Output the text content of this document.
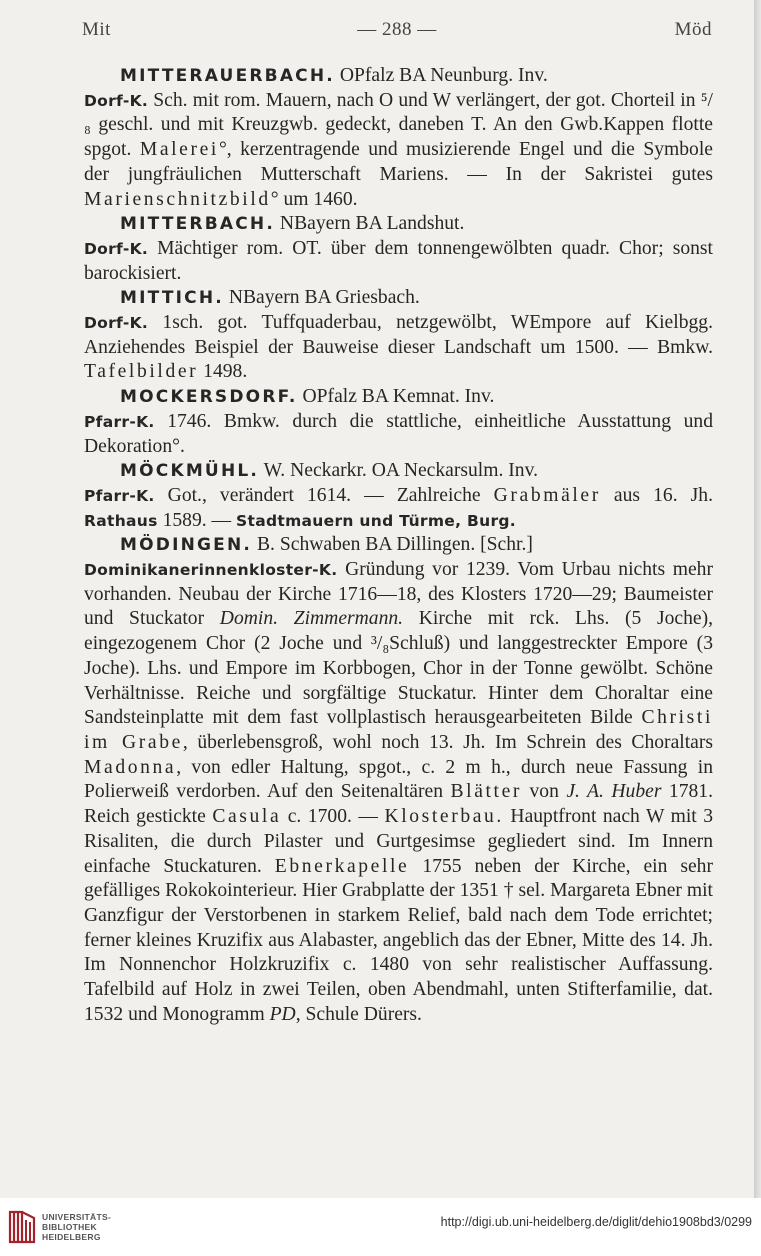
Mit	— 288 —	Möd

MITTERAUERBACH. OPfalz BA Neunburg. Inv.

Dorf-K. Sch. mit rom. Mauern, nach O und W verlängert, der got. Chorteil in ⁵/₈ geschl. und mit Kreuzgwb. gedeckt, daneben T. An den Gwb.Kappen flotte spgot. Malerei°, kerzentragende und musizierende Engel und die Symbole der jungfräulichen Mutterschaft Mariens. — In der Sakristei gutes Marienschnitzbild° um 1460.

MITTERBACH. NBayern BA Landshut.

Dorf-K. Mächtiger rom. OT. über dem tonnengewölbten quadr. Chor; sonst barockisiert.

MITTICH. NBayern BA Griesbach.

Dorf-K. 1sch. got. Tuffquaderbau, netzgewölbt, WEmpore auf Kielbgg. Anziehendes Beispiel der Bauweise dieser Landschaft um 1500. — Bmkw. Tafelbilder 1498.

MOCKERSDORF. OPfalz BA Kemnat. Inv.

Pfarr-K. 1746. Bmkw. durch die stattliche, einheitliche Ausstattung und Dekoration°.

MÖCKMÜHL. W. Neckarkr. OA Neckarsulm. Inv.

Pfarr-K. Got., verändert 1614. — Zahlreiche Grabmäler aus 16. Jh. Rathaus 1589. — Stadtmauern und Türme, Burg.

MÖDINGEN. B. Schwaben BA Dillingen. [Schr.]

Dominikanerinnenkloster-K. Gründung vor 1239. Vom Urbau nichts mehr vorhanden. Neubau der Kirche 1716—18, des Klosters 1720—29; Baumeister und Stuckator Domin. Zimmermann. Kirche mit rck. Lhs. (5 Joche), eingezogenem Chor (2 Joche und ³/₈Schluß) und langgestreckter Empore (3 Joche). Lhs. und Empore im Korbbogen, Chor in der Tonne gewölbt. Schöne Verhältnisse. Reiche und sorgfältige Stuckatur. Hinter dem Choraltar eine Sandsteinplatte mit dem fast vollplastisch herausgearbeiteten Bilde Christi im Grabe, überlebensgroß, wohl noch 13. Jh. Im Schrein des Choraltars Madonna, von edler Haltung, spgot., c. 2 m h., durch neue Fassung in Polierweiß verdorben. Auf den Seitenaltären Blätter von J. A. Huber 1781. Reich gestickte Casula c. 1700. — Klosterbau. Hauptfront nach W mit 3 Risaliten, die durch Pilaster und Gurtgesimse gegliedert sind. Im Innern einfache Stuckaturen. Ebnerkapelle 1755 neben der Kirche, ein sehr gefälliges Rokokointerieur. Hier Grabplatte der 1351 † sel. Margareta Ebner mit Ganzfigur der Verstorbenen in starkem Relief, bald nach dem Tode errichtet; ferner kleines Kruzifix aus Alabaster, angeblich das der Ebner, Mitte des 14. Jh. Im Nonnenchor Holzkruzifix c. 1480 von sehr realistischer Auffassung. Tafelbild auf Holz in zwei Teilen, oben Abendmahl, unten Stifterfamilie, dat. 1532 und Monogramm PD, Schule Dürers.

UNIVERSITÄTS-
BIBLIOTHEK
HEIDELBERG
http://digi.ub.uni-heidelberg.de/diglit/dehio1908bd3/0299
